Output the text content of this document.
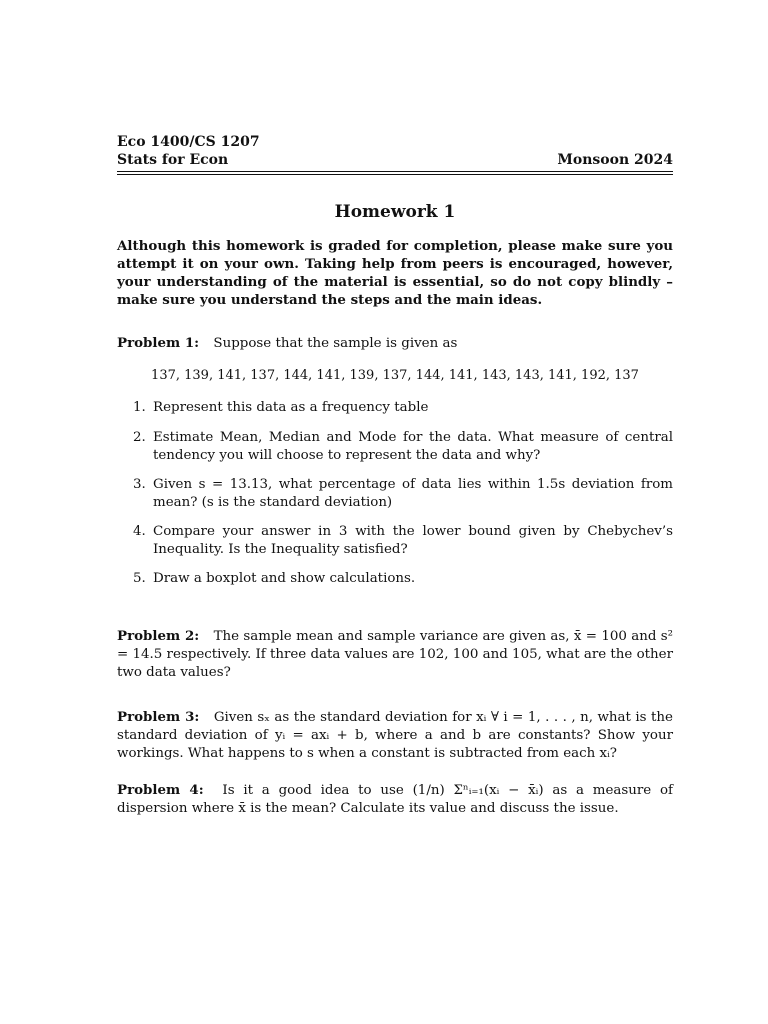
Eco 1400/CS 1207
Stats for Econ	Monsoon 2024
Homework 1
Although this homework is graded for completion, please make sure you attempt it on your own. Taking help from peers is encouraged, however, your understanding of the material is essential, so do not copy blindly – make sure you understand the steps and the main ideas.
Problem 1: Suppose that the sample is given as
137, 139, 141, 137, 144, 141, 139, 137, 144, 141, 143, 143, 141, 192, 137
1. Represent this data as a frequency table
2. Estimate Mean, Median and Mode for the data. What measure of central tendency you will choose to represent the data and why?
3. Given s = 13.13, what percentage of data lies within 1.5s deviation from mean? (s is the standard deviation)
4. Compare your answer in 3 with the lower bound given by Chebychev’s Inequality. Is the Inequality satisfied?
5. Draw a boxplot and show calculations.
Problem 2: The sample mean and sample variance are given as, x̄ = 100 and s² = 14.5 respectively. If three data values are 102, 100 and 105, what are the other two data values?
Problem 3: Given sₓ as the standard deviation for xᵢ ∀ i = 1, . . . , n, what is the standard deviation of yᵢ = axᵢ + b, where a and b are constants? Show your workings. What happens to s when a constant is subtracted from each xᵢ?
Problem 4: Is it a good idea to use (1/n) Σⁿᵢ₌₁(xᵢ − x̄ᵢ) as a measure of dispersion where x̄ is the mean? Calculate its value and discuss the issue.
